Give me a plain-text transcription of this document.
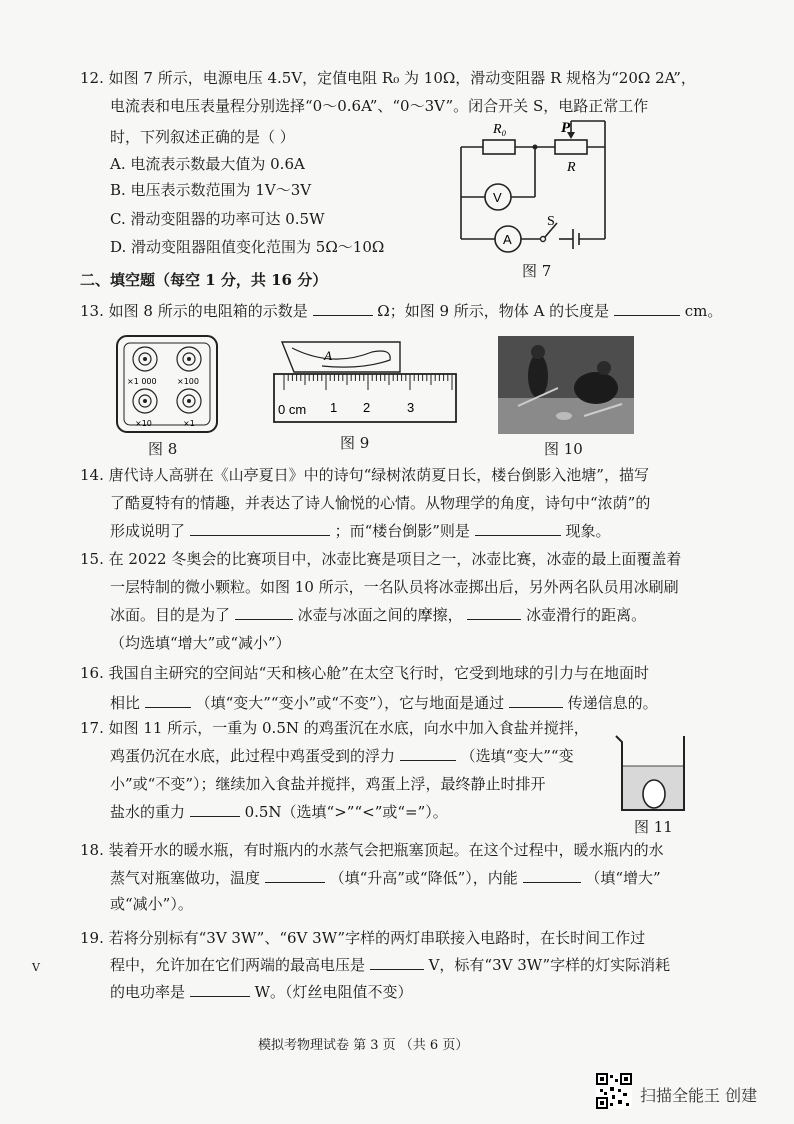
12. 如图 7 所示，电源电压 4.5V，定值电阻 R₀ 为 10Ω，滑动变阻器 R 规格为“20Ω 2A”，
电流表和电压表量程分别选择“0～0.6A”、“0～3V”。闭合开关 S，电路正常工作
时，下列叙述正确的是（ ）
A. 电流表示数最大值为 0.6A
B. 电压表示数范围为 1V～3V
C. 滑动变阻器的功率可达 0.5W
D. 滑动变阻器阻值变化范围为 5Ω～10Ω
R₀	P
R
V
A
S
图 7
二、填空题（每空 1 分，共 16 分）
13. 如图 8 所示的电阻箱的示数是	Ω；如图 9 所示，物体 A 的长度是	cm。
×1 000	×100
×10	×1
图 8
A
0 cm 1 2	3
图 9	图 10
14. 唐代诗人高骈在《山亭夏日》中的诗句“绿树浓荫夏日长，楼台倒影入池塘”，描写
了酷夏特有的情趣，并表达了诗人愉悦的心情。从物理学的角度，诗句中“浓荫”的
形成说明了	；而“楼台倒影”则是	现象。
15. 在 2022 冬奥会的比赛项目中，冰壶比赛是项目之一，冰壶比赛，冰壶的最上面覆盖着
一层特制的微小颗粒。如图 10 所示，一名队员将冰壶掷出后，另外两名队员用冰刷刷
冰面。目的是为了	冰壶与冰面之间的摩擦，	冰壶滑行的距离。
（均选填“增大”或“减小”）
16. 我国自主研究的空间站“天和核心舱”在太空飞行时，它受到地球的引力与在地面时
相比	（填“变大”“变小”或“不变”），它与地面是通过	传递信息的。
17. 如图 11 所示，一重为 0.5N 的鸡蛋沉在水底，向水中加入食盐并搅拌，
鸡蛋仍沉在水底，此过程中鸡蛋受到的浮力	（选填“变大”“变
小”或“不变”）；继续加入食盐并搅拌，鸡蛋上浮，最终静止时排开
盐水的重力	0.5N（选填“>”“<”或“=”）。
图 11
18. 装着开水的暖水瓶，有时瓶内的水蒸气会把瓶塞顶起。在这个过程中，暖水瓶内的水
蒸气对瓶塞做功，温度	（填“升高”或“降低”），内能	（填“增大”
或“减小”）。
19. 若将分别标有“3V 3W”、“6V 3W”字样的两灯串联接入电路时，在长时间工作过
程中，允许加在它们两端的最高电压是	V，标有“3V 3W”字样的灯实际消耗
的电功率是	W。（灯丝电阻值不变）
V
模拟考物理试卷 第 3 页 （共 6 页）
扫描全能王 创建
